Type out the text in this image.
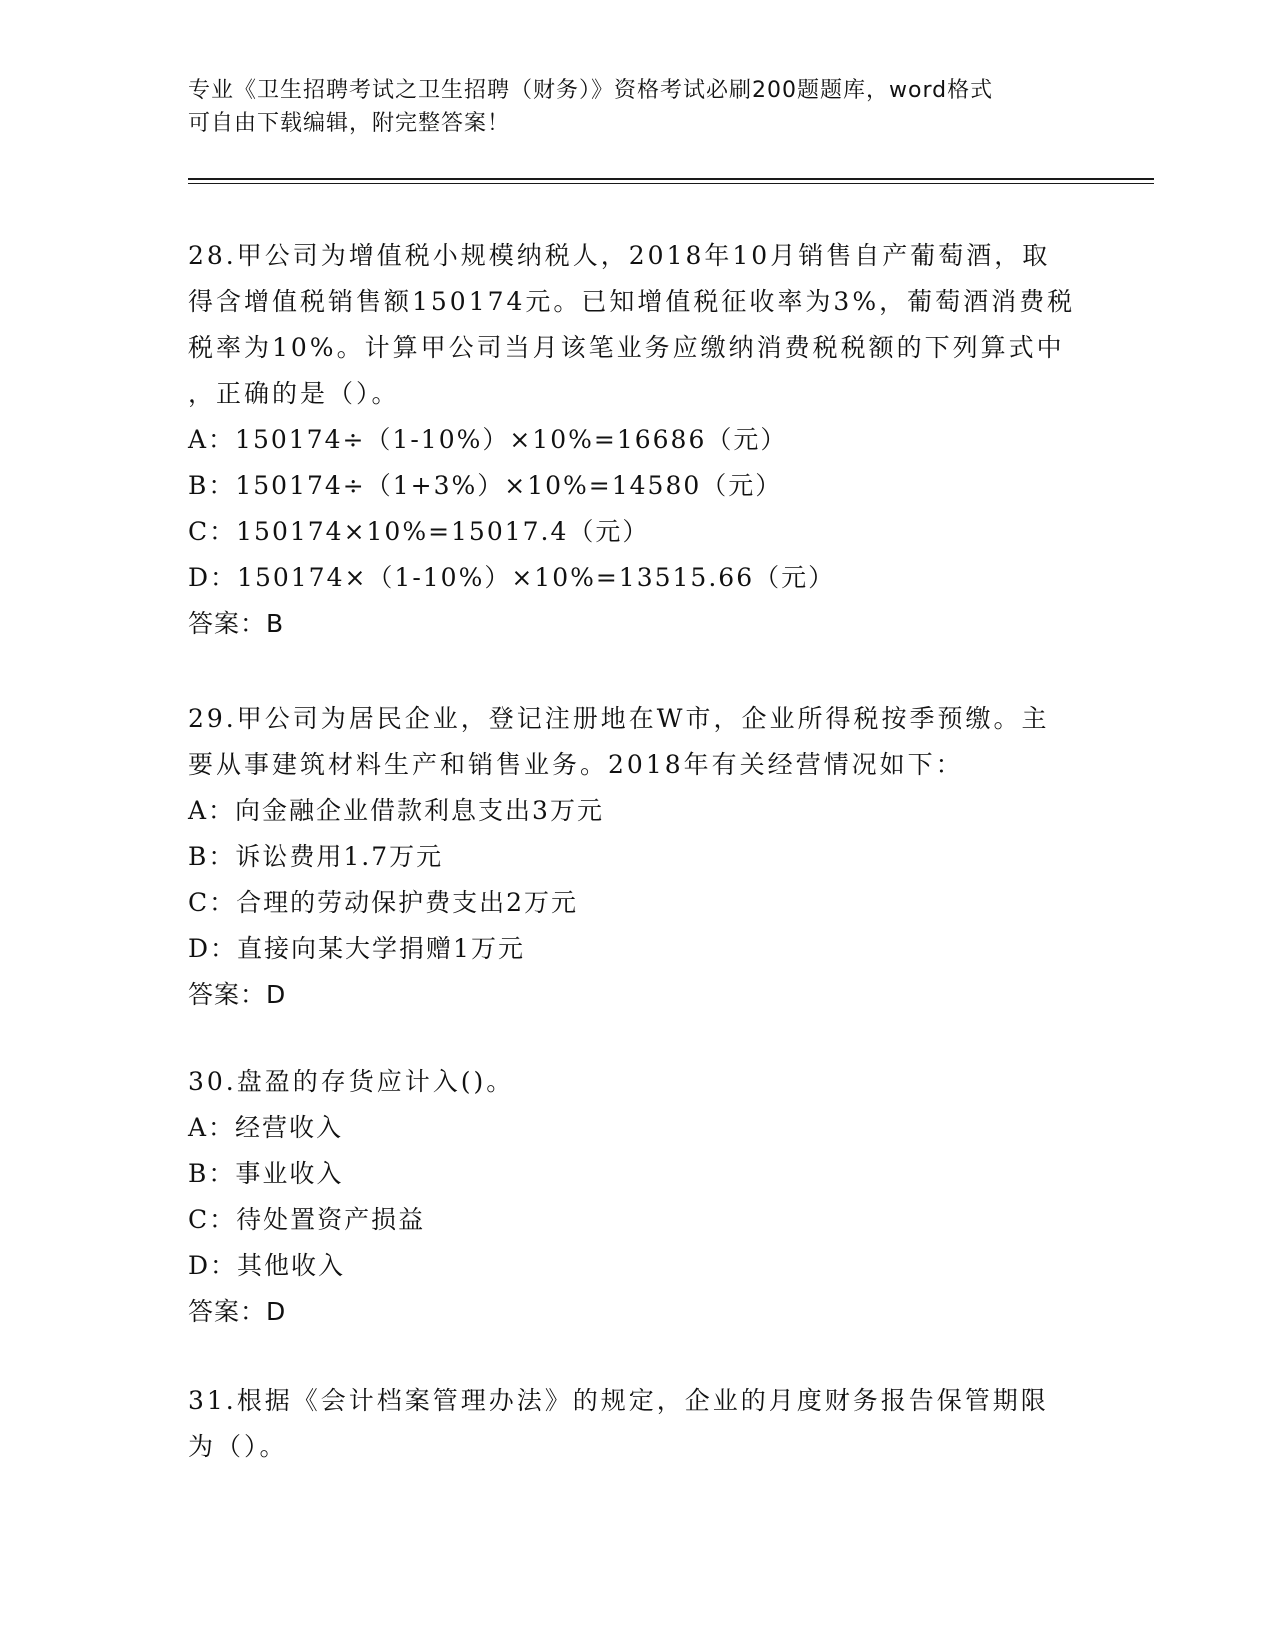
专业《卫生招聘考试之卫生招聘（财务）》资格考试必刷200题题库，word格式
可自由下载编辑，附完整答案！

28.甲公司为增值税小规模纳税人，2018年10月销售自产葡萄酒，取

得含增值税销售额150174元。已知增值税征收率为3%，葡萄酒消费税

税率为10%。计算甲公司当月该笔业务应缴纳消费税税额的下列算式中

，正确的是（）。

A：150174÷（1-10%）×10%=16686（元）

B：150174÷（1+3%）×10%=14580（元）

C：150174×10%=15017.4（元）

D：150174×（1-10%）×10%=13515.66（元）

答案：B

29.甲公司为居民企业，登记注册地在W市，企业所得税按季预缴。主

要从事建筑材料生产和销售业务。2018年有关经营情况如下：

A：向金融企业借款利息支出3万元

B：诉讼费用1.7万元

C：合理的劳动保护费支出2万元

D：直接向某大学捐赠1万元

答案：D

30.盘盈的存货应计入()。

A：经营收入

B：事业收入

C：待处置资产损益

D：其他收入

答案：D

31.根据《会计档案管理办法》的规定，企业的月度财务报告保管期限

为（）。
